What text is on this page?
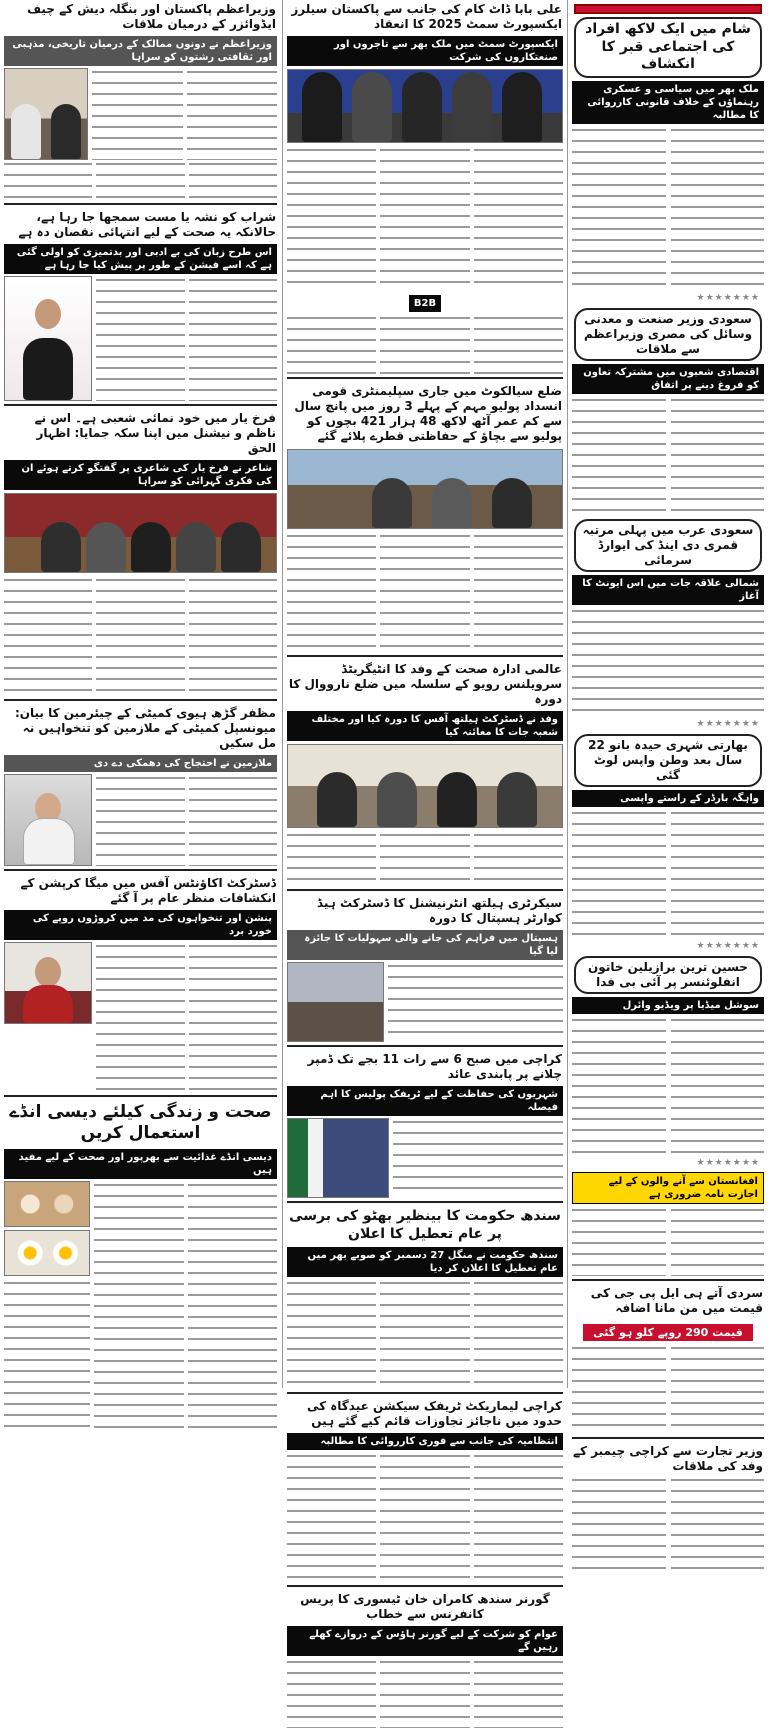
شام میں ایک لاکھ افراد کی اجتماعی قبر کا انکشاف
ملک بھر میں سیاسی و عسکری رہنماؤں کے خلاف قانونی کارروائی کا مطالبہ
★★★★★★★
سعودی وزیر صنعت و معدنی وسائل کی مصری وزیراعظم سے ملاقات
اقتصادی شعبوں میں مشترکہ تعاون کو فروغ دینے پر اتفاق
سعودی عرب میں پہلی مرتبہ قمری دی اینڈ کی ایوارڈ سرمائی
شمالی علاقہ جات میں اس ایونٹ کا آغاز
★★★★★★★
بھارتی شہری حیدہ بانو 22 سال بعد وطن واپس لوٹ گئی
واہگہ بارڈر کے راستے واپسی
★★★★★★★
حسین ترین برازیلین خاتون انفلوئنسر پر آئی بی فدا
سوشل میڈیا پر ویڈیو وائرل
★★★★★★★
افغانستان سے آنے والوں کے لیے اجازت نامہ ضروری ہے
سردی آتے ہی ایل پی جی کی قیمت میں من مانا اضافہ
قیمت 290 روپے کلو ہو گئی
وزیر تجارت سے کراچی چیمبر کے وفد کی ملاقات
علی بابا ڈاٹ کام کی جانب سے پاکستان سیلرز ایکسپورٹ سمٹ 2025 کا انعقاد
ایکسپورٹ سمٹ میں ملک بھر سے تاجروں اور صنعتکاروں کی شرکت
B2B
ضلع سیالکوٹ میں جاری سپلیمنٹری قومی انسداد پولیو مہم کے پہلے 3 روز میں پانچ سال سے کم عمر آٹھ لاکھ 48 ہزار 421 بچوں کو پولیو سے بچاؤ کے حفاظتی قطرے پلائے گئے
عالمی ادارہ صحت کے وفد کا انٹیگریٹڈ سرویلنس رویو کے سلسلہ میں ضلع نارووال کا دورہ
وفد نے ڈسٹرکٹ ہیلتھ آفس کا دورہ کیا اور مختلف شعبہ جات کا معائنہ کیا
سیکرٹری ہیلتھ انٹرنیشنل کا ڈسٹرکٹ ہیڈ کوارٹر ہسپتال کا دورہ
ہسپتال میں فراہم کی جانے والی سہولیات کا جائزہ لیا گیا
کراچی میں صبح 6 سے رات 11 بجے تک ڈمپر چلانے پر پابندی عائد
شہریوں کی حفاظت کے لیے ٹریفک پولیس کا اہم فیصلہ
سندھ حکومت کا بینظیر بھٹو کی برسی پر عام تعطیل کا اعلان
سندھ حکومت نے منگل 27 دسمبر کو صوبے بھر میں عام تعطیل کا اعلان کر دیا
کراچی لیماریکٹ ٹریفک سیکشن عیدگاہ کی حدود میں ناجائز تجاوزات قائم کیے گئے ہیں
انتظامیہ کی جانب سے فوری کارروائی کا مطالبہ
گورنر سندھ کامران خان ٹیسوری کا پریس کانفرنس سے خطاب
عوام کو شرکت کے لیے گورنر ہاؤس کے دروازے کھلے رہیں گے
وزیراعظم پاکستان اور بنگلہ دیش کے چیف ایڈوائزر کے درمیان ملاقات
وزیراعظم نے دونوں ممالک کے درمیان تاریخی، مذہبی اور ثقافتی رشتوں کو سراہا
شراب کو نشہ یا مست سمجھا جا رہا ہے، حالانکہ یہ صحت کے لیے انتہائی نقصان دہ ہے
اس طرح زبان کی بے ادبی اور بدتمیزی کو اولی گئی ہے کہ اسے فیشن کے طور پر پیش کیا جا رہا ہے
فرخ یار میں خود نمائی شعبی ہے۔ اس نے ناظم و نیشنل میں اپنا سکہ جمایا: اظہار الحق
شاعر نے فرخ یار کی شاعری پر گفتگو کرتے ہوئے ان کی فکری گہرائی کو سراہا
مظفر گڑھ ہیوی کمیٹی کے چیئرمین کا بیان: میونسپل کمیٹی کے ملازمین کو تنخواہیں نہ مل سکیں
ملازمین نے احتجاج کی دھمکی دے دی
ڈسٹرکٹ اکاؤنٹس آفس میں میگا کرپشن کے انکشافات منظر عام پر آ گئے
پنشن اور تنخواہوں کی مد میں کروڑوں روپے کی خورد برد
صحت و زندگی کیلئے دیسی انڈے استعمال کریں
دیسی انڈے غذائیت سے بھرپور اور صحت کے لیے مفید ہیں
